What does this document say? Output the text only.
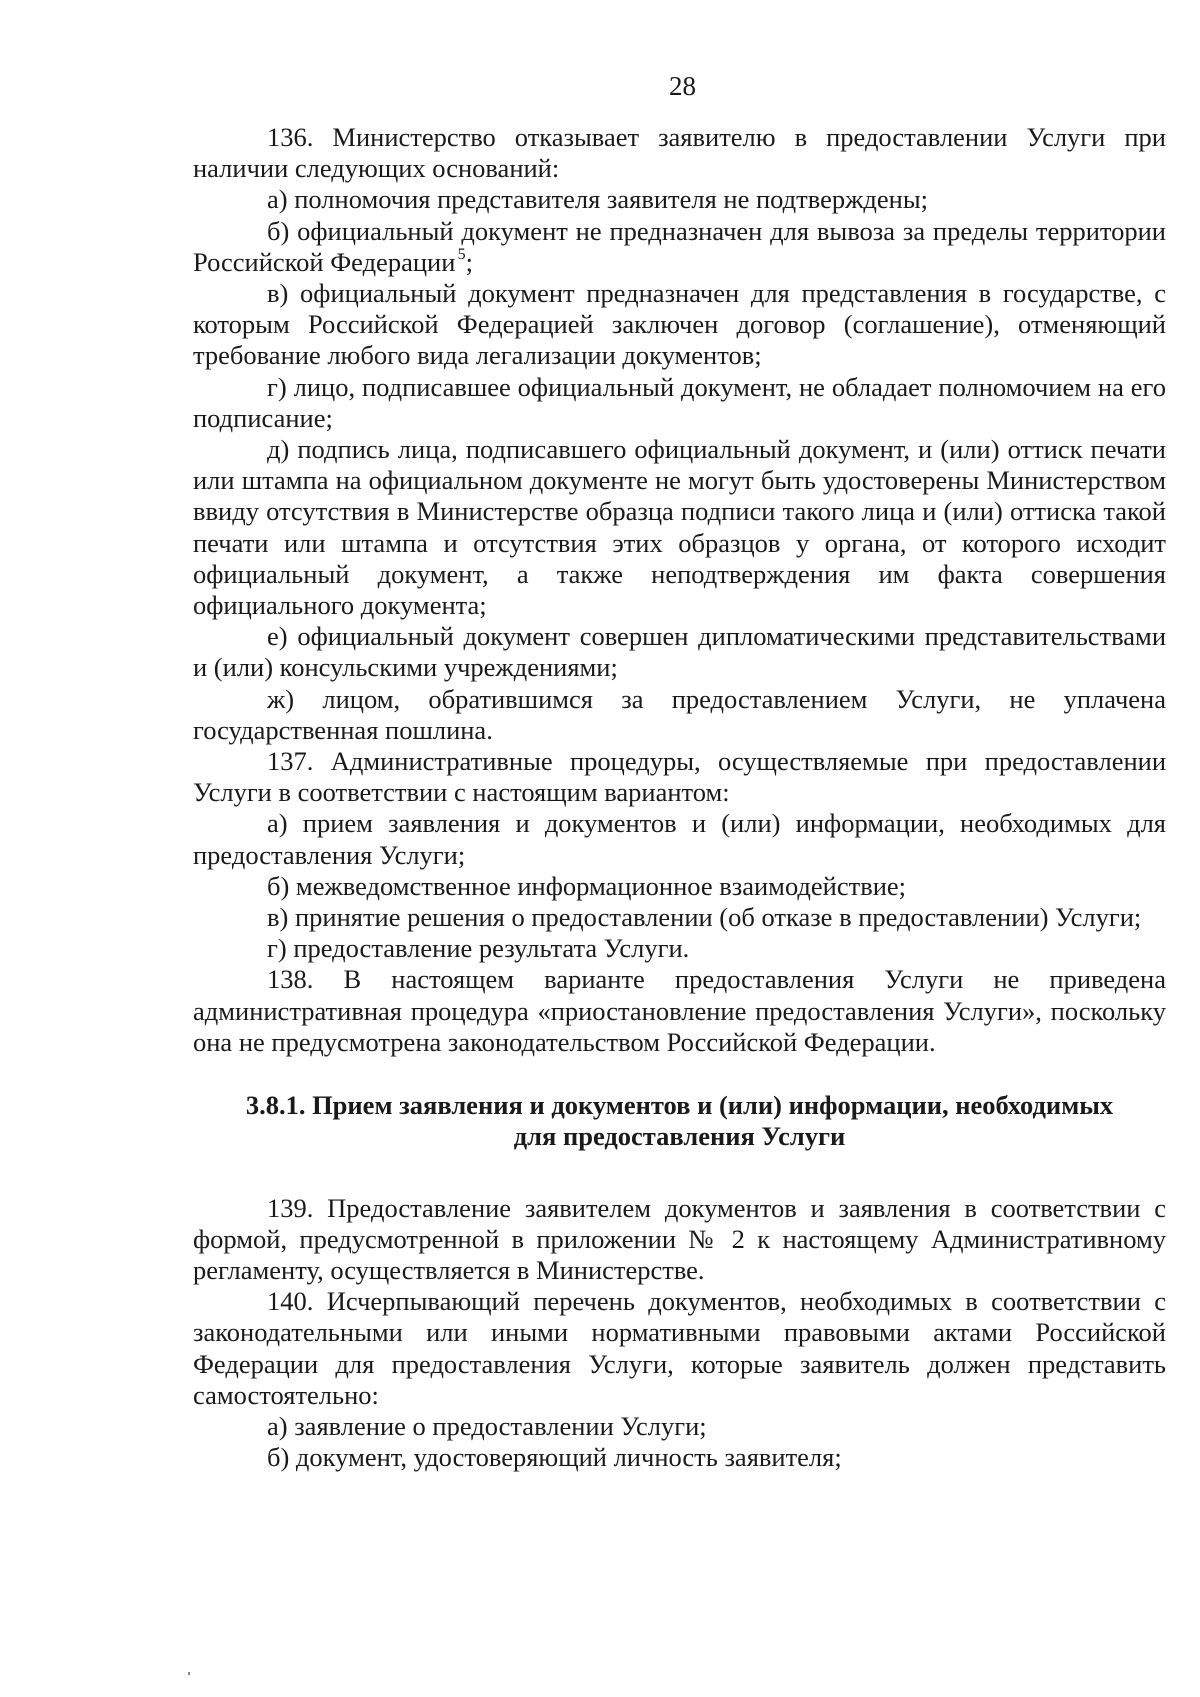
28

136. Министерство отказывает заявителю в предоставлении Услуги при наличии следующих оснований:

а) полномочия представителя заявителя не подтверждены;

б) официальный документ не предназначен для вывоза за пределы территории Российской Федерации  $^5$;

в) официальный документ предназначен для представления в государстве, с которым Российской Федерацией заключен договор (соглашение), отменяющий требование любого вида легализации документов;

г) лицо, подписавшее официальный документ, не обладает полномочием на его подписание;

д) подпись лица, подписавшего официальный документ, и (или) оттиск печати или штампа на официальном документе не могут быть удостоверены Министерством ввиду отсутствия в Министерстве образца подписи такого лица и (или) оттиска такой печати или штампа и отсутствия этих образцов у органа, от которого исходит официальный документ, а также неподтверждения им факта совершения официального документа;

е) официальный документ совершен дипломатическими представительствами и (или) консульскими учреждениями;

ж) лицом, обратившимся за предоставлением Услуги, не уплачена государственная пошлина.

137. Административные процедуры, осуществляемые при предоставлении Услуги в соответствии с настоящим вариантом:

а) прием заявления и документов и (или) информации, необходимых для предоставления Услуги;

б) межведомственное информационное взаимодействие;

в) принятие решения о предоставлении (об отказе в предоставлении) Услуги;

г) предоставление результата Услуги.

138. В настоящем варианте предоставления Услуги не приведена административная процедура «приостановление предоставления Услуги», поскольку она не предусмотрена законодательством Российской Федерации.

3.8.1. Прием заявления и документов и (или) информации, необходимых
для предоставления Услуги

139. Предоставление заявителем документов и заявления в соответствии с формой, предусмотренной в приложении № 2 к настоящему Административному регламенту, осуществляется в Министерстве.

140. Исчерпывающий перечень документов, необходимых в соответствии с законодательными или иными нормативными правовыми актами Российской Федерации для предоставления Услуги, которые заявитель должен представить самостоятельно:

а) заявление о предоставлении Услуги;

б) документ, удостоверяющий личность заявителя;
